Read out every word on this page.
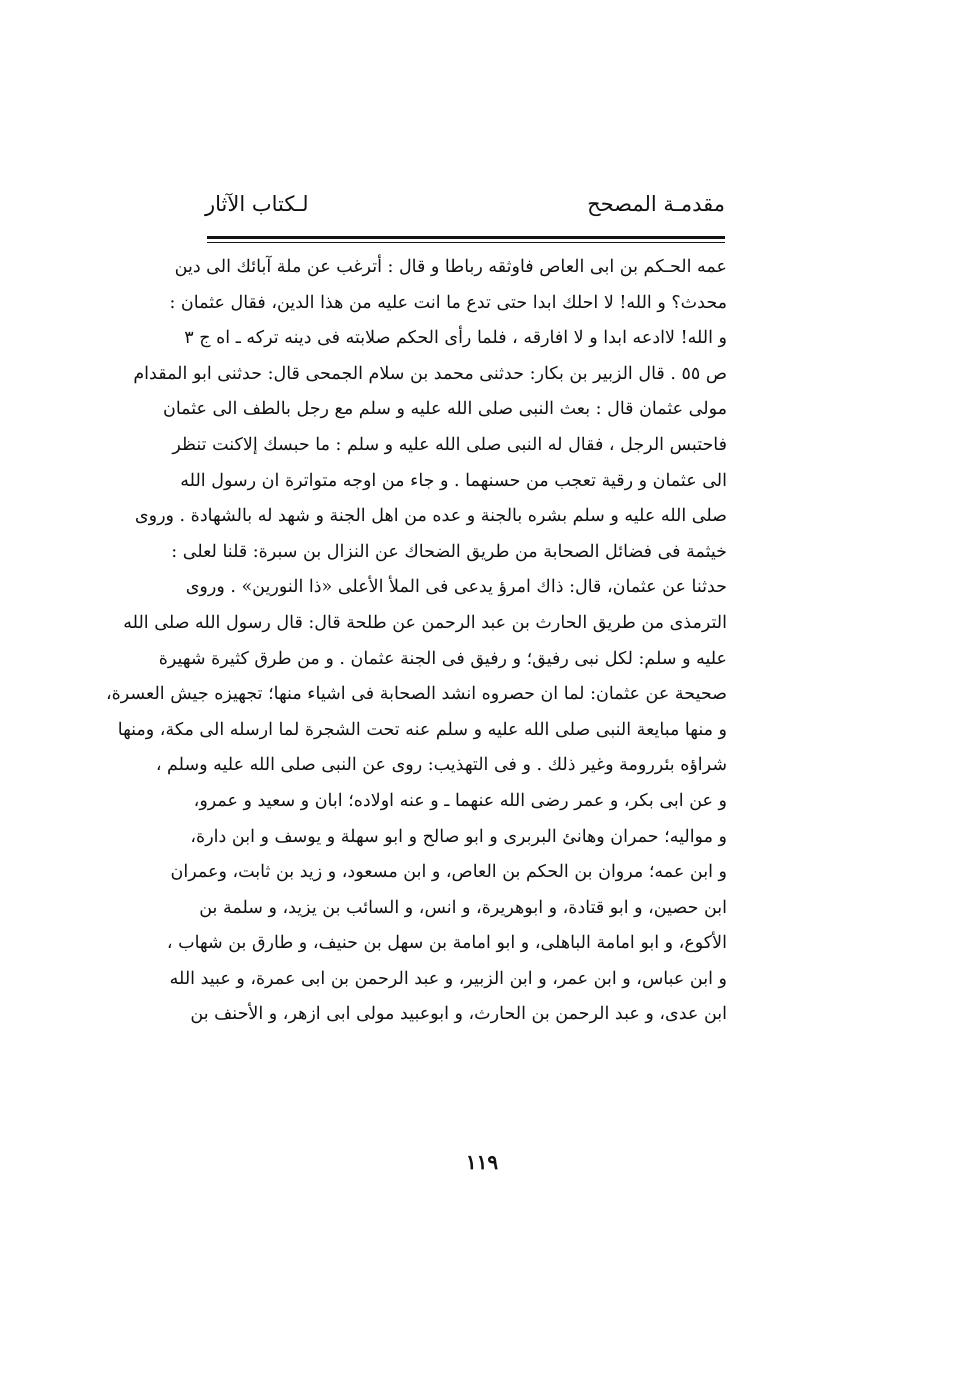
مقدمـة المصحح
لـكتاب الآثار
عمه الحـكم بن ابى العاص فاوثقه رباطا و قال : أترغب عن ملة آبائك الى دين
محدث؟ و الله! لا احلك ابدا حتى تدع ما انت عليه من هذا الدين، فقال عثمان :
و الله! لاادعه ابدا و لا افارقه ، فلما رأى الحكم صلابته فى دينه تركه ـ اه ج ٣
ص ٥٥ . قال الزبير بن بكار: حدثنى محمد بن سلام الجمحى قال: حدثنى ابو المقدام
مولى عثمان قال : بعث النبى صلى الله عليه و سلم مع رجل بالطف الى عثمان
فاحتبس الرجل ، فقال له النبى صلى الله عليه و سلم : ما حبسك إلاكنت تنظر
الى عثمان و رقية تعجب من حسنهما . و جاء من اوجه متواترة ان رسول الله
صلى الله عليه و سلم بشره بالجنة و عده من اهل الجنة و شهد له بالشهادة . وروى
خيثمة فى فضائل الصحابة من طريق الضحاك عن النزال بن سبرة: قلنا لعلى :
حدثنا عن عثمان، قال: ذاك امرؤ يدعى فى الملأ الأعلى «ذا النورين» . وروى
الترمذى من طريق الحارث بن عبد الرحمن عن طلحة قال: قال رسول الله صلى الله
عليه و سلم: لكل نبى رفيق؛ و رفيق فى الجنة عثمان . و من طرق كثيرة شهيرة
صحيحة عن عثمان: لما ان حصروه انشد الصحابة فى اشياء منها؛ تجهيزه جيش العسرة،
و منها مبايعة النبى صلى الله عليه و سلم عنه تحت الشجرة لما ارسله الى مكة، ومنها
شراؤه بئررومة وغير ذلك . و فى التهذيب: روى عن النبى صلى الله عليه وسلم ،
و عن ابى بكر، و عمر رضى الله عنهما ـ و عنه اولاده؛ ابان و سعيد و عمرو،
و مواليه؛ حمران وهانئ البربرى و ابو صالح و ابو سهلة و يوسف و ابن دارة،
و ابن عمه؛ مروان بن الحكم بن العاص، و ابن مسعود، و زيد بن ثابت، وعمران
ابن حصين، و ابو قتادة، و ابوهريرة، و انس، و السائب بن يزيد، و سلمة بن
الأكوع، و ابو امامة الباهلى، و ابو امامة بن سهل بن حنيف، و طارق بن شهاب ،
و ابن عباس، و ابن عمر، و ابن الزبير، و عبد الرحمن بن ابى عمرة، و عبيد الله
ابن عدى، و عبد الرحمن بن الحارث، و ابوعبيد مولى ابى ازهر، و الأحنف بن
١١٩
